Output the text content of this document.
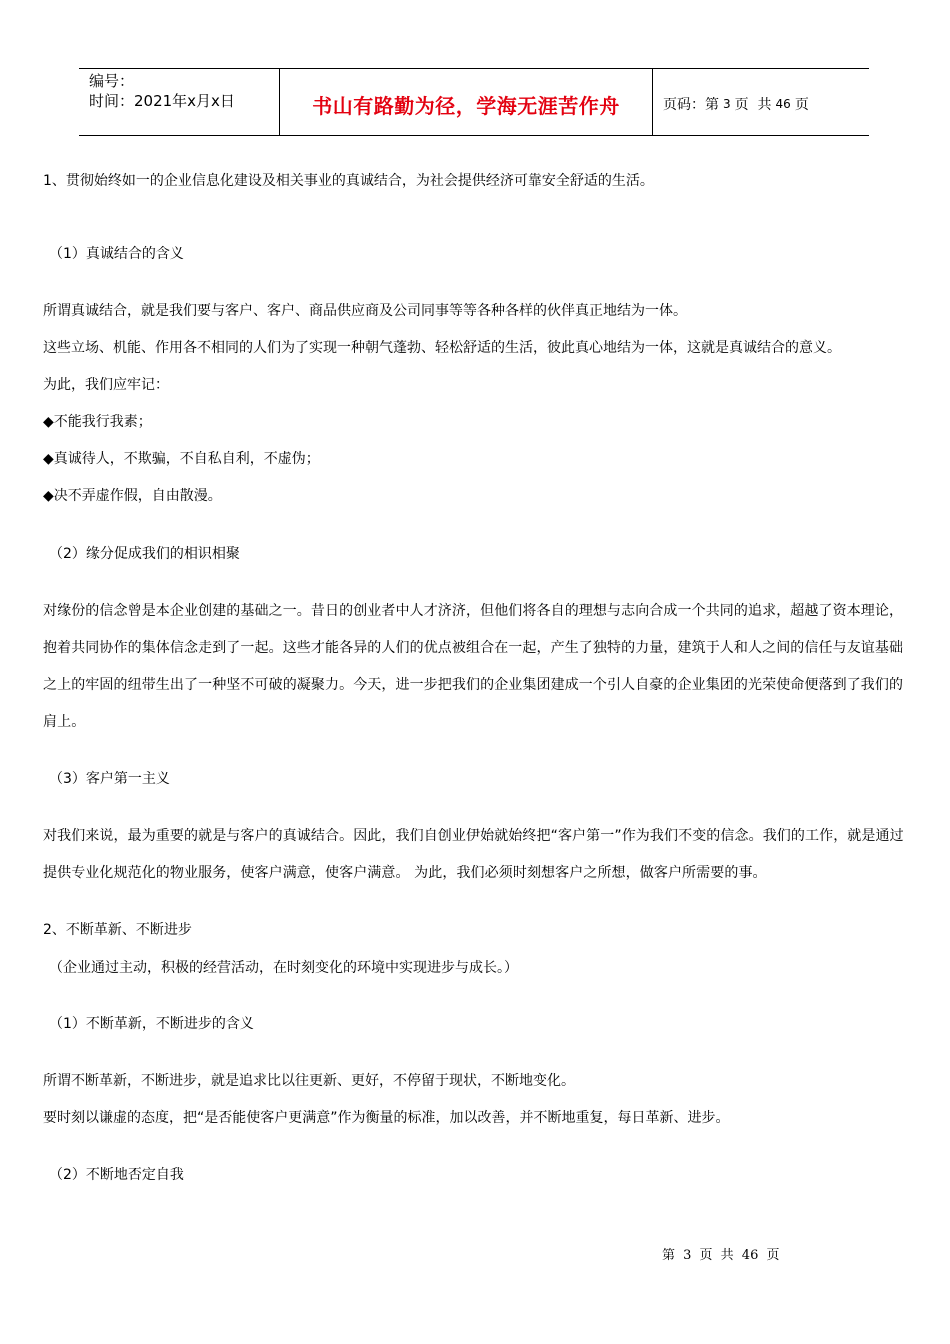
编号：
时间：2021年x月x日	书山有路勤为径，学海无涯苦作舟	页码：第 3 页  共 46 页
1、贯彻始终如一的企业信息化建设及相关事业的真诚结合，为社会提供经济可靠安全舒适的生活。
（1）真诚结合的含义
所谓真诚结合，就是我们要与客户、客户、商品供应商及公司同事等等各种各样的伙伴真正地结为一体。
这些立场、机能、作用各不相同的人们为了实现一种朝气蓬勃、轻松舒适的生活，彼此真心地结为一体，这就是真诚结合的意义。
为此，我们应牢记：
◆不能我行我素；
◆真诚待人，不欺骗，不自私自利，不虚伪；
◆决不弄虚作假，自由散漫。
（2）缘分促成我们的相识相聚
对缘份的信念曾是本企业创建的基础之一。昔日的创业者中人才济济，但他们将各自的理想与志向合成一个共同的追求，超越了资本理论，抱着共同协作的集体信念走到了一起。这些才能各异的人们的优点被组合在一起，产生了独特的力量，建筑于人和人之间的信任与友谊基础之上的牢固的纽带生出了一种坚不可破的凝聚力。今天，进一步把我们的企业集团建成一个引人自豪的企业集团的光荣使命便落到了我们的肩上。
（3）客户第一主义
对我们来说，最为重要的就是与客户的真诚结合。因此，我们自创业伊始就始终把“客户第一”作为我们不变的信念。我们的工作，就是通过提供专业化规范化的物业服务，使客户满意，使客户满意。 为此，我们必须时刻想客户之所想，做客户所需要的事。
2、不断革新、不断进步
（企业通过主动，积极的经营活动，在时刻变化的环境中实现进步与成长。）
（1）不断革新，不断进步的含义
所谓不断革新，不断进步，就是追求比以往更新、更好，不停留于现状，不断地变化。
要时刻以谦虚的态度，把“是否能使客户更满意”作为衡量的标准，加以改善，并不断地重复，每日革新、进步。
（2）不断地否定自我
第 3 页 共 46 页
